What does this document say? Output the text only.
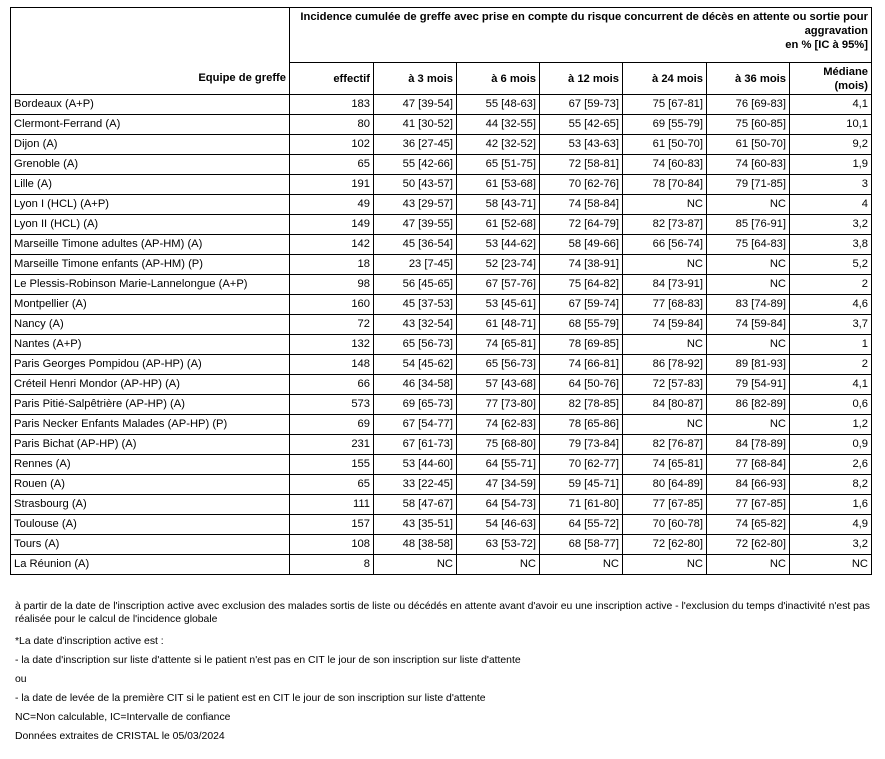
	Incidence cumulée de greffe avec prise en compte du risque concurrent de décès en attente ou sortie pour aggravation
en % [IC à 95%]						
Equipe de greffe	effectif	à 3 mois	à 6 mois	à 12 mois	à 24 mois	à 36 mois	Médiane (mois)
Bordeaux (A+P)	183	47 [39-54]	55 [48-63]	67 [59-73]	75 [67-81]	76 [69-83]	4,1
Clermont-Ferrand (A)	80	41 [30-52]	44 [32-55]	55 [42-65]	69 [55-79]	75 [60-85]	10,1
Dijon (A)	102	36 [27-45]	42 [32-52]	53 [43-63]	61 [50-70]	61 [50-70]	9,2
Grenoble (A)	65	55 [42-66]	65 [51-75]	72 [58-81]	74 [60-83]	74 [60-83]	1,9
Lille (A)	191	50 [43-57]	61 [53-68]	70 [62-76]	78 [70-84]	79 [71-85]	3
Lyon I (HCL) (A+P)	49	43 [29-57]	58 [43-71]	74 [58-84]	NC	NC	4
Lyon II (HCL) (A)	149	47 [39-55]	61 [52-68]	72 [64-79]	82 [73-87]	85 [76-91]	3,2
Marseille Timone adultes (AP-HM) (A)	142	45 [36-54]	53 [44-62]	58 [49-66]	66 [56-74]	75 [64-83]	3,8
Marseille Timone enfants (AP-HM) (P)	18	23 [7-45]	52 [23-74]	74 [38-91]	NC	NC	5,2
Le Plessis-Robinson Marie-Lannelongue (A+P)	98	56 [45-65]	67 [57-76]	75 [64-82]	84 [73-91]	NC	2
Montpellier (A)	160	45 [37-53]	53 [45-61]	67 [59-74]	77 [68-83]	83 [74-89]	4,6
Nancy (A)	72	43 [32-54]	61 [48-71]	68 [55-79]	74 [59-84]	74 [59-84]	3,7
Nantes (A+P)	132	65 [56-73]	74 [65-81]	78 [69-85]	NC	NC	1
Paris Georges Pompidou (AP-HP) (A)	148	54 [45-62]	65 [56-73]	74 [66-81]	86 [78-92]	89 [81-93]	2
Créteil Henri Mondor (AP-HP) (A)	66	46 [34-58]	57 [43-68]	64 [50-76]	72 [57-83]	79 [54-91]	4,1
Paris Pitié-Salpêtrière (AP-HP) (A)	573	69 [65-73]	77 [73-80]	82 [78-85]	84 [80-87]	86 [82-89]	0,6
Paris Necker Enfants Malades (AP-HP) (P)	69	67 [54-77]	74 [62-83]	78 [65-86]	NC	NC	1,2
Paris Bichat (AP-HP) (A)	231	67 [61-73]	75 [68-80]	79 [73-84]	82 [76-87]	84 [78-89]	0,9
Rennes (A)	155	53 [44-60]	64 [55-71]	70 [62-77]	74 [65-81]	77 [68-84]	2,6
Rouen (A)	65	33 [22-45]	47 [34-59]	59 [45-71]	80 [64-89]	84 [66-93]	8,2
Strasbourg (A)	111	58 [47-67]	64 [54-73]	71 [61-80]	77 [67-85]	77 [67-85]	1,6
Toulouse (A)	157	43 [35-51]	54 [46-63]	64 [55-72]	70 [60-78]	74 [65-82]	4,9
Tours (A)	108	48 [38-58]	63 [53-72]	68 [58-77]	72 [62-80]	72 [62-80]	3,2
La Réunion (A)	8	NC	NC	NC	NC	NC	NC

à partir de la date de l'inscription active avec exclusion des malades sortis de liste ou décédés en attente avant d'avoir eu une inscription active - l'exclusion du temps d'inactivité n'est pas réalisée pour le calcul de l'incidence globale

*La date d'inscription active est :

- la date d'inscription sur liste d'attente si le patient n'est pas en CIT le jour de son inscription sur liste d'attente

ou

- la date de levée de la première CIT si le patient est en CIT le jour de son inscription sur liste d'attente

NC=Non calculable, IC=Intervalle de confiance

Données extraites de CRISTAL le 05/03/2024
